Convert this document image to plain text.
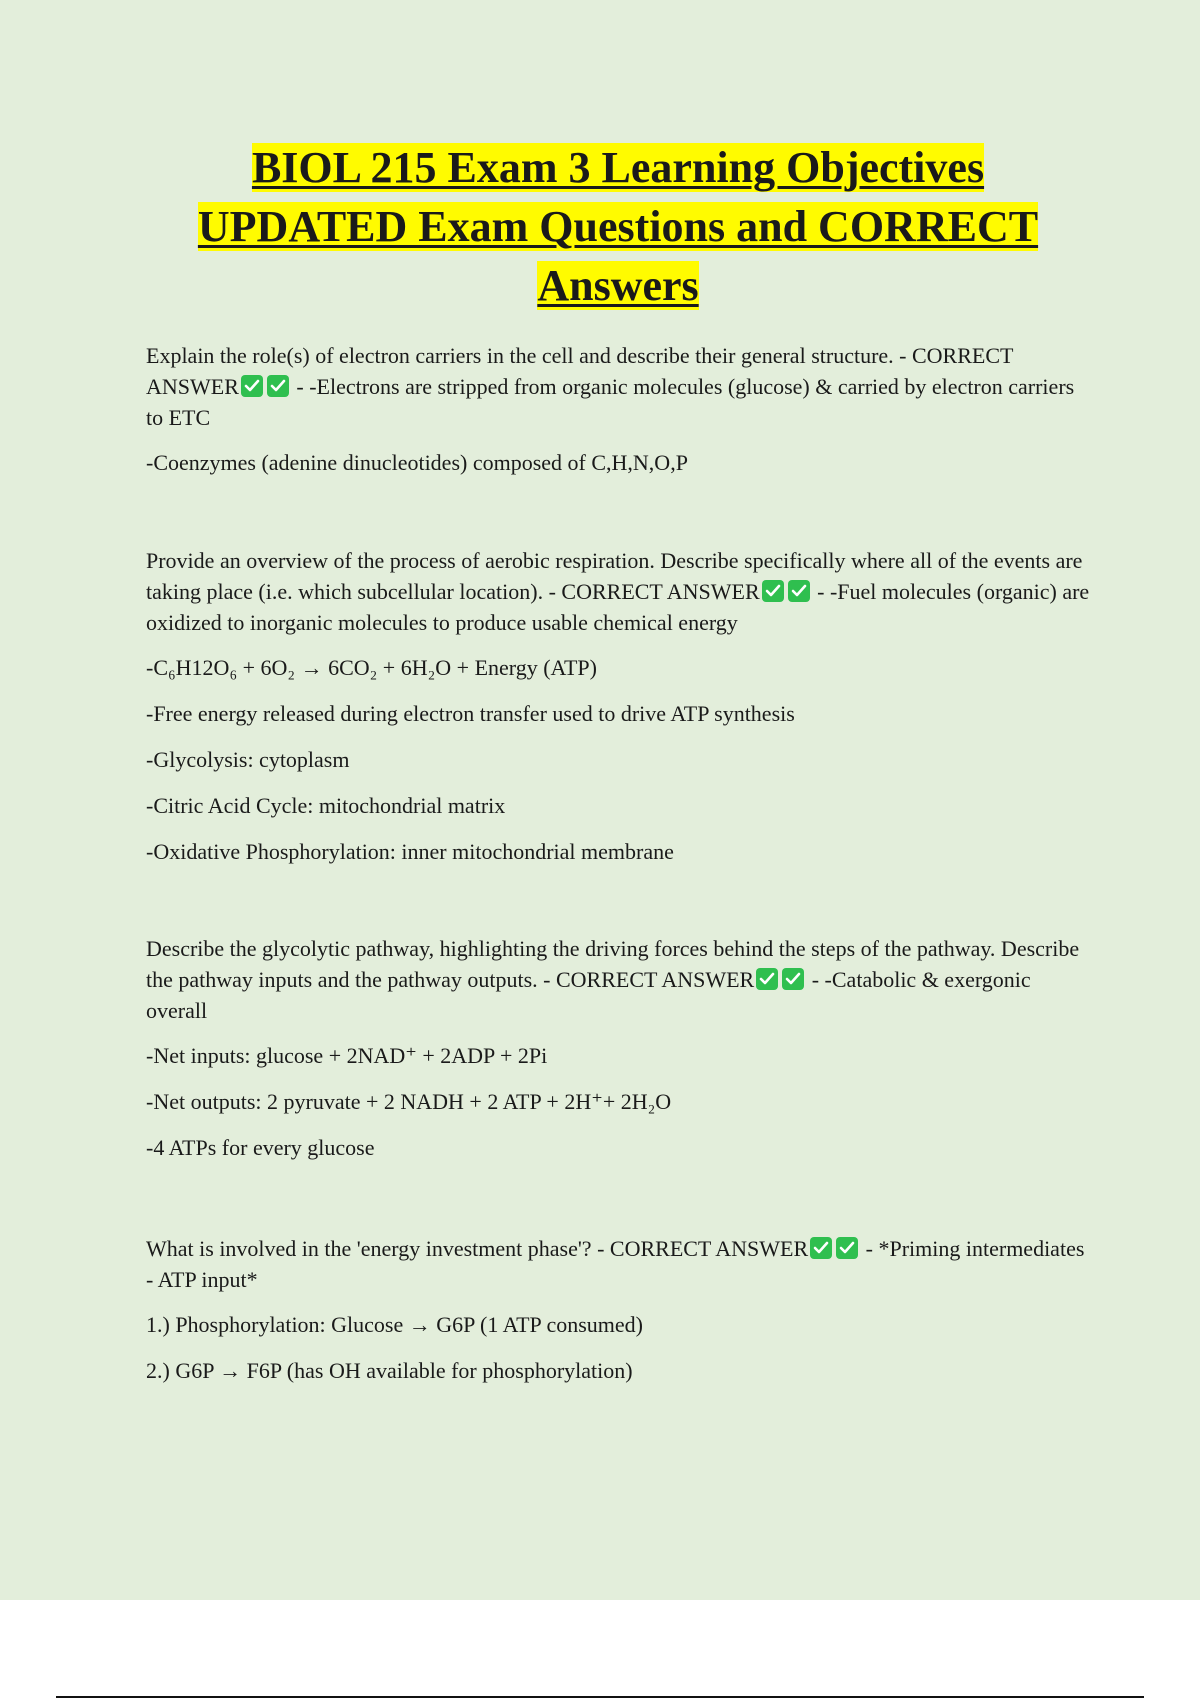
BIOL 215 Exam 3 Learning Objectives
UPDATED Exam Questions and CORRECT
Answers

Explain the role(s) of electron carriers in the cell and describe their general structure. - CORRECT ANSWER
- -Electrons are stripped from organic molecules (glucose) & carried by electron carriers to ETC

-Coenzymes (adenine dinucleotides) composed of C,H,N,O,P

Provide an overview of the process of aerobic respiration. Describe specifically where all of the events are taking place (i.e. which subcellular location). - CORRECT ANSWER
- -Fuel molecules (organic) are oxidized to inorganic molecules to produce usable chemical energy

-C₆H12O₆ + 6O₂ → 6CO₂ + 6H₂O + Energy (ATP)

-Free energy released during electron transfer used to drive ATP synthesis

-Glycolysis: cytoplasm

-Citric Acid Cycle: mitochondrial matrix

-Oxidative Phosphorylation: inner mitochondrial membrane

Describe the glycolytic pathway, highlighting the driving forces behind the steps of the pathway. Describe the pathway inputs and the pathway outputs. - CORRECT ANSWER
- -Catabolic & exergonic overall

-Net inputs: glucose + 2NAD⁺ + 2ADP + 2Pi

-Net outputs: 2 pyruvate + 2 NADH + 2 ATP + 2H⁺+ 2H₂O

-4 ATPs for every glucose

What is involved in the 'energy investment phase'? - CORRECT ANSWER
- *Priming intermediates - ATP input*

1.) Phosphorylation: Glucose → G6P (1 ATP consumed)

2.) G6P → F6P (has OH available for phosphorylation)
